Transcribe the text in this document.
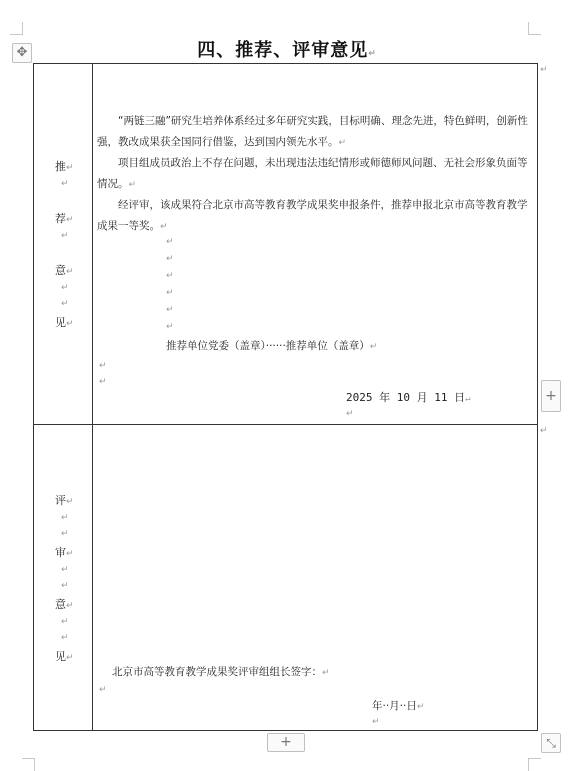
✥	四、推荐、评审意见↵
↵
↵
推 ↵
↵
荐 ↵
↵
意 ↵
↵
↵
见 ↵
“两链三融”研究生培养体系经过多年研究实践，目标明确、理念先进，特色鲜明，创新性强，教改成果获全国同行借鉴，达到国内领先水平。↵
项目组成员政治上不存在问题，未出现违法违纪情形或师德师风问题、无社会形象负面等情况。↵
经评审，该成果符合北京市高等教育教学成果奖申报条件，推荐申报北京市高等教育教学成果一等奖。↵
↵
↵
↵
↵
↵
↵
推荐单位党委（盖章）······推荐单位（盖章）↵
↵
↵
2025 年 10 月 11 日↵
↵
评 ↵
↵
↵
审 ↵
↵
↵
意 ↵
↵
↵
见 ↵
北京市高等教育教学成果奖评审组组长签字：↵
↵
年··月··日↵
↵
+
+	⤡
